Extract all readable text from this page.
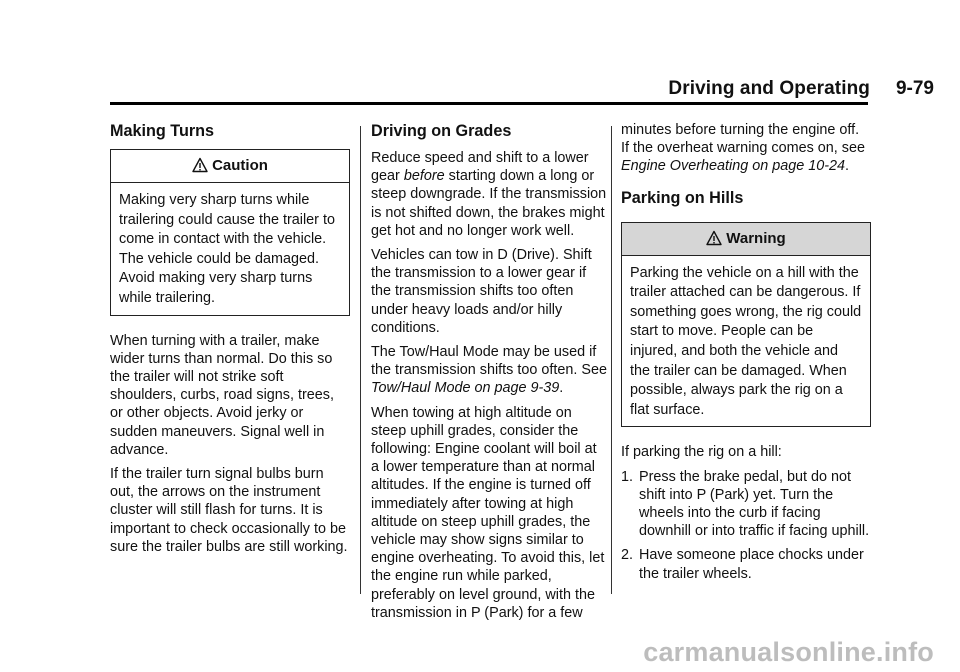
Driving and Operating 9-79
Making Turns
Caution
Making very sharp turns while trailering could cause the trailer to come in contact with the vehicle. The vehicle could be damaged. Avoid making very sharp turns while trailering.

When turning with a trailer, make wider turns than normal. Do this so the trailer will not strike soft shoulders, curbs, road signs, trees, or other objects. Avoid jerky or sudden maneuvers. Signal well in advance.

If the trailer turn signal bulbs burn out, the arrows on the instrument cluster will still flash for turns. It is important to check occasionally to be sure the trailer bulbs are still working.

Driving on Grades

Reduce speed and shift to a lower gear before starting down a long or steep downgrade. If the transmission is not shifted down, the brakes might get hot and no longer work well.

Vehicles can tow in D (Drive). Shift the transmission to a lower gear if the transmission shifts too often under heavy loads and/or hilly conditions.

The Tow/Haul Mode may be used if the transmission shifts too often. See Tow/Haul Mode on page 9-39.

When towing at high altitude on steep uphill grades, consider the following: Engine coolant will boil at a lower temperature than at normal altitudes. If the engine is turned off immediately after towing at high altitude on steep uphill grades, the vehicle may show signs similar to engine overheating. To avoid this, let the engine run while parked, preferably on level ground, with the transmission in P (Park) for a few

minutes before turning the engine off. If the overheat warning comes on, see Engine Overheating on page 10-24.

Parking on Hills
Warning
Parking the vehicle on a hill with the trailer attached can be dangerous. If something goes wrong, the rig could start to move. People can be injured, and both the vehicle and the trailer can be damaged. When possible, always park the rig on a flat surface.

If parking the rig on a hill:

1. Press the brake pedal, but do not shift into P (Park) yet. Turn the wheels into the curb if facing downhill or into traffic if facing uphill.
2. Have someone place chocks under the trailer wheels.
carmanualsonline.info
